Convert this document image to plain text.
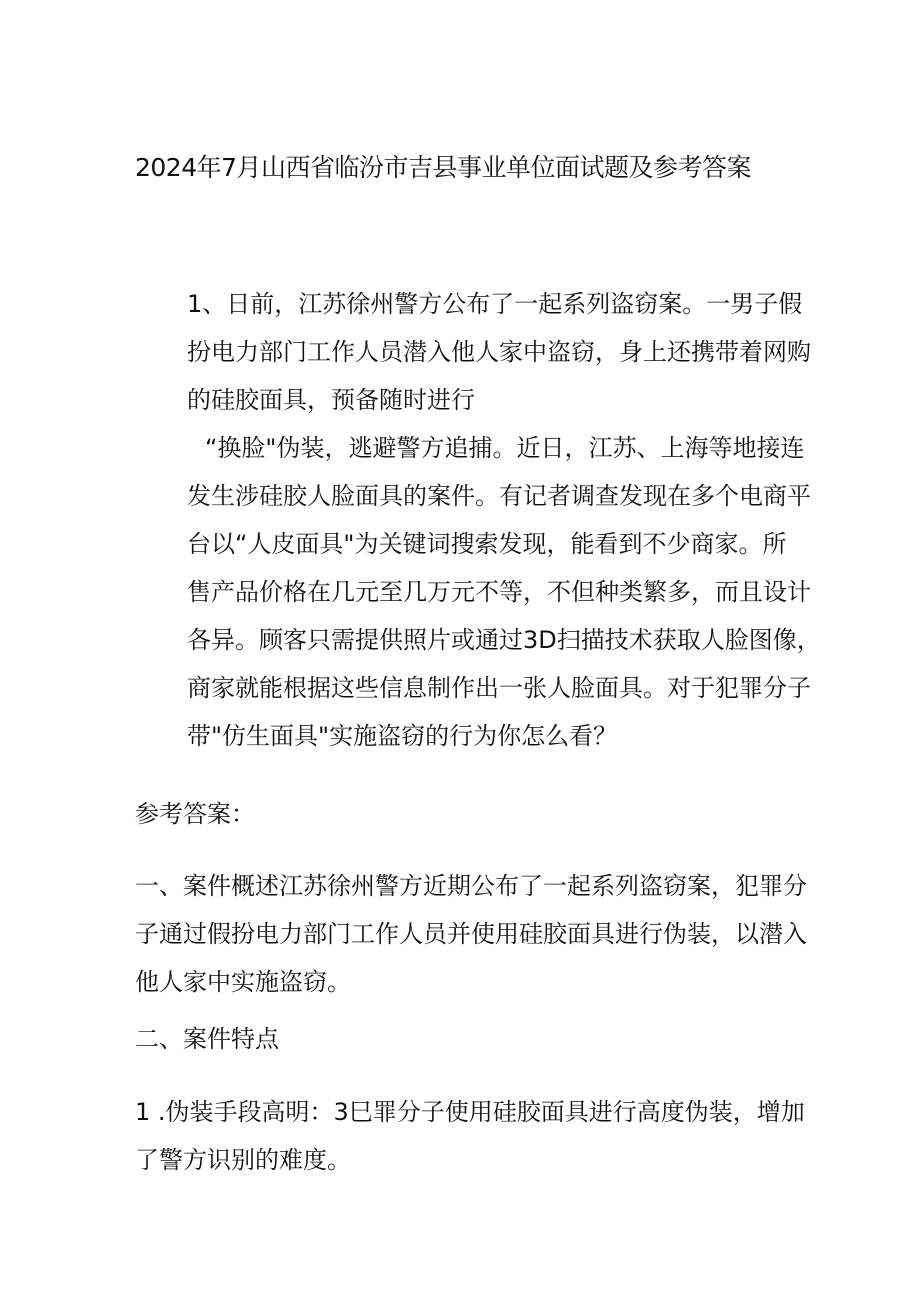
2024年7月山西省临汾市吉县事业单位面试题及参考答案
1、日前，江苏徐州警方公布了一起系列盗窃案。一男子假
扮电力部门工作人员潜入他人家中盗窃，身上还携带着网购
的硅胶面具，预备随时进行
“换脸"伪装，逃避警方追捕。近日，江苏、上海等地接连
发生涉硅胶人脸面具的案件。有记者调查发现在多个电商平
台以“人皮面具"为关键词搜索发现，能看到不少商家。所
售产品价格在几元至几万元不等，不但种类繁多，而且设计
各异。顾客只需提供照片或通过3D扫描技术获取人脸图像，
商家就能根据这些信息制作出一张人脸面具。对于犯罪分子
带"仿生面具"实施盗窃的行为你怎么看？
参考答案：
一、案件概述江苏徐州警方近期公布了一起系列盗窃案，犯罪分
子通过假扮电力部门工作人员并使用硅胶面具进行伪装，以潜入
他人家中实施盗窃。
二、案件特点
1 .伪装手段高明：3巳罪分子使用硅胶面具进行高度伪装，增加
了警方识别的难度。
